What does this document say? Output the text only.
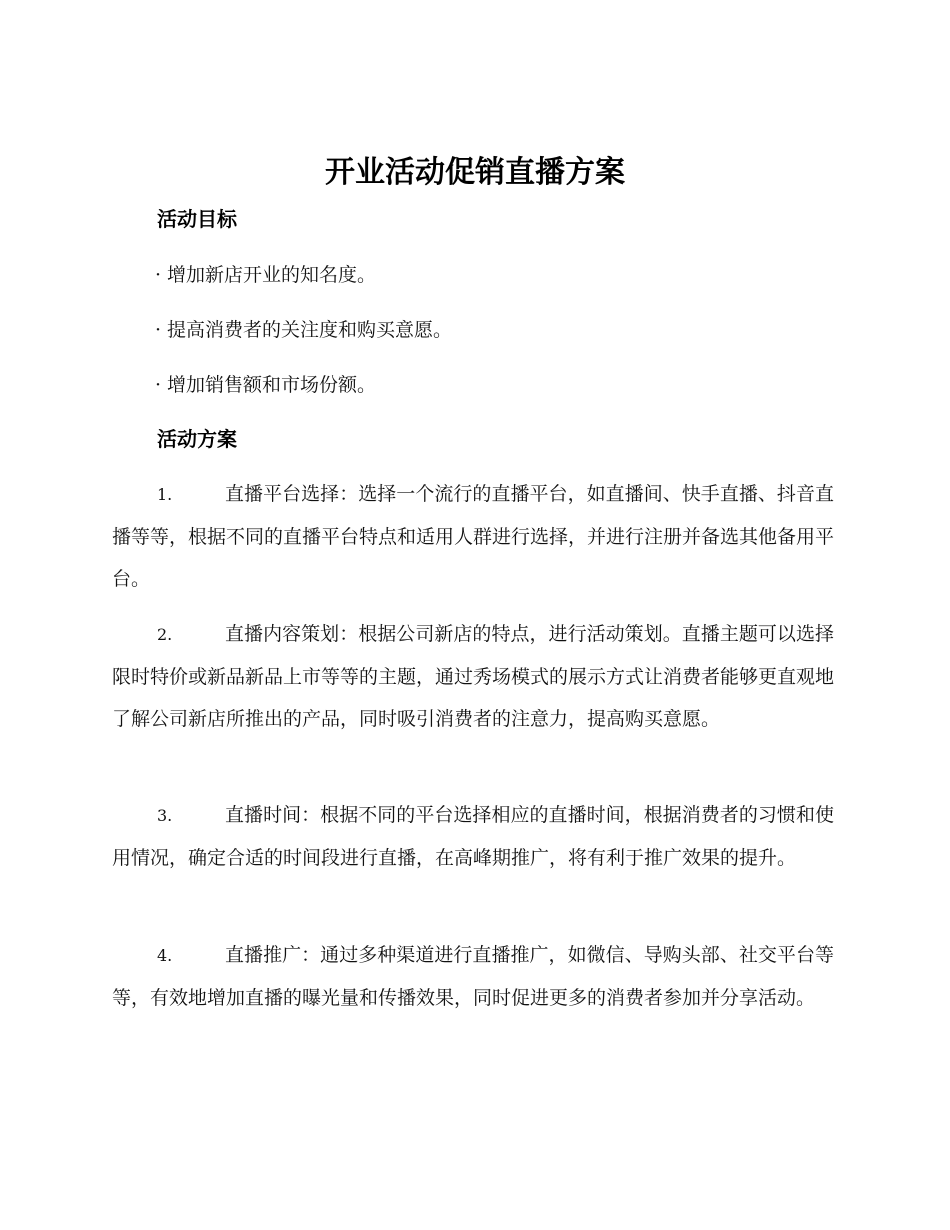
开业活动促销直播方案
活动目标
· 增加新店开业的知名度。
· 提高消费者的关注度和购买意愿。
· 增加销售额和市场份额。
活动方案

1.	直播平台选择：选择一个流行的直播平台，如直播间、快手直播、抖音直播等等，根据不同的直播平台特点和适用人群进行选择，并进行注册并备选其他备用平台。

2.	直播内容策划：根据公司新店的特点，进行活动策划。直播主题可以选择限时特价或新品新品上市等等的主题，通过秀场模式的展示方式让消费者能够更直观地了解公司新店所推出的产品，同时吸引消费者的注意力，提高购买意愿。

3.	直播时间：根据不同的平台选择相应的直播时间，根据消费者的习惯和使用情况，确定合适的时间段进行直播，在高峰期推广，将有利于推广效果的提升。

4.	直播推广：通过多种渠道进行直播推广，如微信、导购头部、社交平台等等，有效地增加直播的曝光量和传播效果，同时促进更多的消费者参加并分享活动。
